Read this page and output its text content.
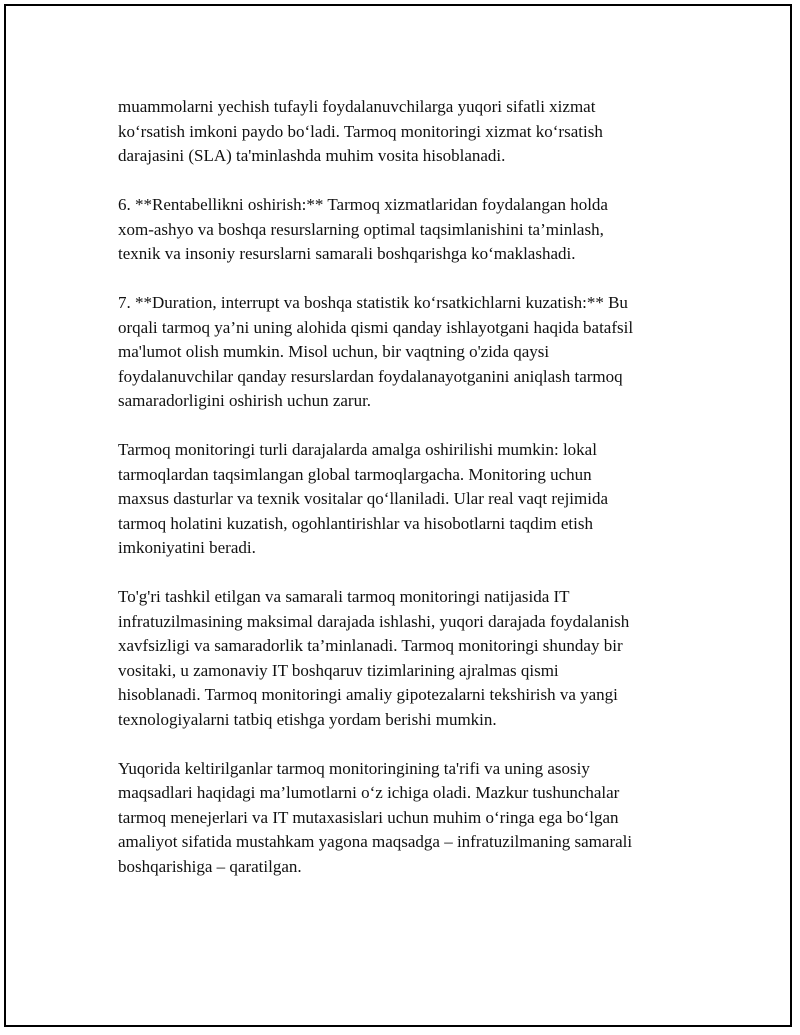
muammolarni yechish tufayli foydalanuvchilarga yuqori sifatli xizmat
ko‘rsatish imkoni paydo bo‘ladi. Tarmoq monitoringi xizmat ko‘rsatish
darajasini (SLA) ta'minlashda muhim vosita hisoblanadi.

6. **Rentabellikni oshirish:** Tarmoq xizmatlaridan foydalangan holda
xom-ashyo va boshqa resurslarning optimal taqsimlanishini ta’minlash,
texnik va insoniy resurslarni samarali boshqarishga ko‘maklashadi.

7. **Duration, interrupt va boshqa statistik ko‘rsatkichlarni kuzatish:** Bu
orqali tarmoq ya’ni uning alohida qismi qanday ishlayotgani haqida batafsil
ma'lumot olish mumkin. Misol uchun, bir vaqtning o'zida qaysi
foydalanuvchilar qanday resurslardan foydalanayotganini aniqlash tarmoq
samaradorligini oshirish uchun zarur.

Tarmoq monitoringi turli darajalarda amalga oshirilishi mumkin: lokal
tarmoqlardan taqsimlangan global tarmoqlargacha. Monitoring uchun
maxsus dasturlar va texnik vositalar qo‘llaniladi. Ular real vaqt rejimida
tarmoq holatini kuzatish, ogohlantirishlar va hisobotlarni taqdim etish
imkoniyatini beradi.

To'g'ri tashkil etilgan va samarali tarmoq monitoringi natijasida IT
infratuzilmasining maksimal darajada ishlashi, yuqori darajada foydalanish
xavfsizligi va samaradorlik ta’minlanadi. Tarmoq monitoringi shunday bir
vositaki, u zamonaviy IT boshqaruv tizimlarining ajralmas qismi
hisoblanadi. Tarmoq monitoringi amaliy gipotezalarni tekshirish va yangi
texnologiyalarni tatbiq etishga yordam berishi mumkin.

Yuqorida keltirilganlar tarmoq monitoringining ta'rifi va uning asosiy
maqsadlari haqidagi ma’lumotlarni o‘z ichiga oladi. Mazkur tushunchalar
tarmoq menejerlari va IT mutaxasislari uchun muhim o‘ringa ega bo‘lgan
amaliyot sifatida mustahkam yagona maqsadga – infratuzilmaning samarali
boshqarishiga – qaratilgan.
